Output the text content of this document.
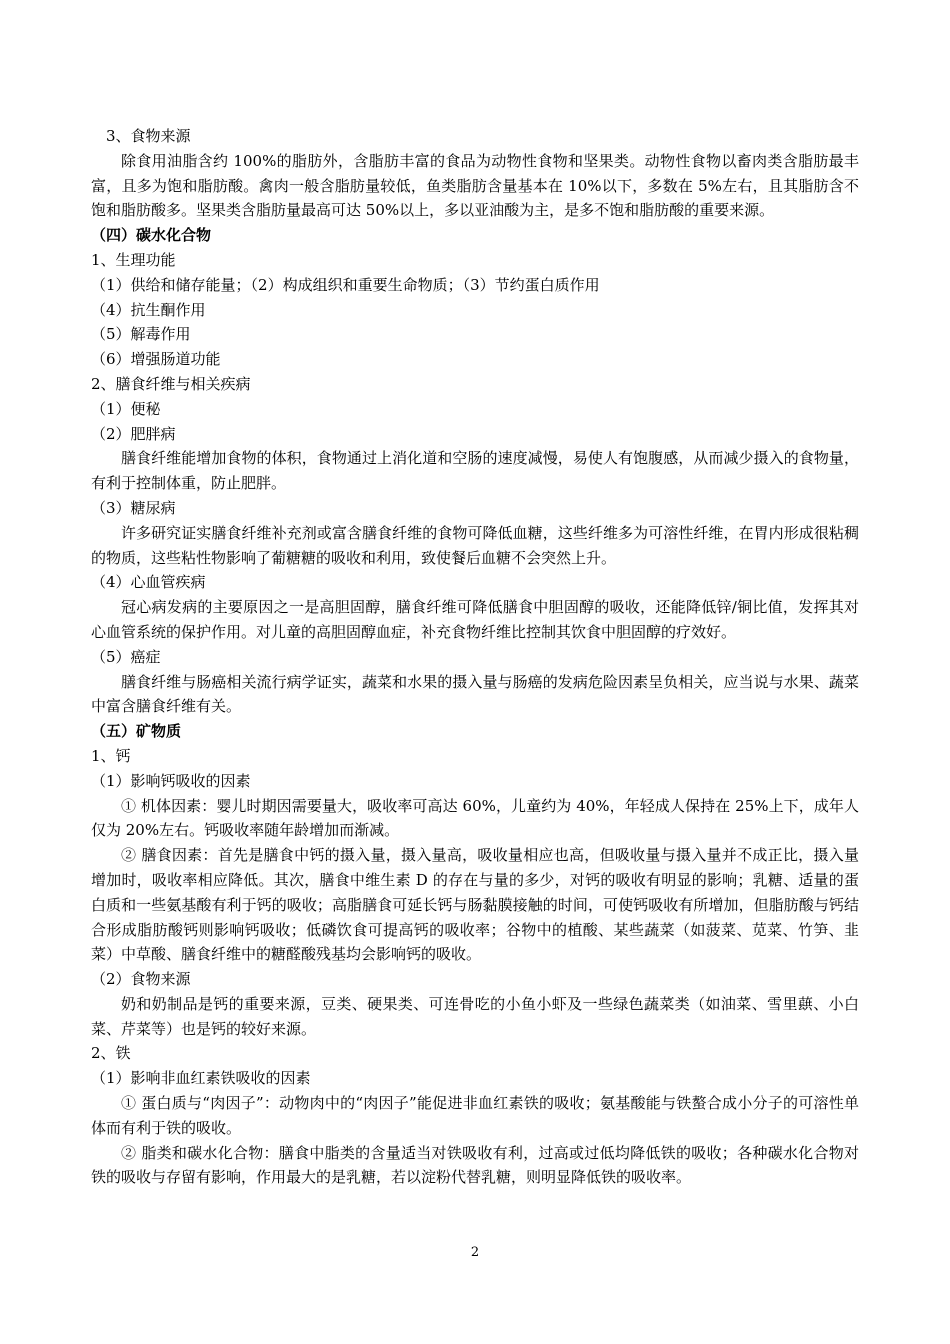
3、食物来源
除食用油脂含约 100%的脂肪外，含脂肪丰富的食品为动物性食物和坚果类。动物性食物以畜肉类含脂肪最丰富，且多为饱和脂肪酸。禽肉一般含脂肪量较低，鱼类脂肪含量基本在 10%以下，多数在 5%左右，且其脂肪含不饱和脂肪酸多。坚果类含脂肪量最高可达 50%以上，多以亚油酸为主，是多不饱和脂肪酸的重要来源。
（四）碳水化合物
1、生理功能
（1）供给和储存能量；（2）构成组织和重要生命物质；（3）节约蛋白质作用
（4）抗生酮作用
（5）解毒作用
（6）增强肠道功能
2、膳食纤维与相关疾病
（1）便秘
（2）肥胖病
膳食纤维能增加食物的体积，食物通过上消化道和空肠的速度减慢，易使人有饱腹感，从而减少摄入的食物量，有利于控制体重，防止肥胖。
（3）糖尿病
许多研究证实膳食纤维补充剂或富含膳食纤维的食物可降低血糖，这些纤维多为可溶性纤维，在胃内形成很粘稠的物质，这些粘性物影响了葡糖糖的吸收和利用，致使餐后血糖不会突然上升。
（4）心血管疾病
冠心病发病的主要原因之一是高胆固醇，膳食纤维可降低膳食中胆固醇的吸收，还能降低锌/铜比值，发挥其对心血管系统的保护作用。对儿童的高胆固醇血症，补充食物纤维比控制其饮食中胆固醇的疗效好。
（5）癌症
膳食纤维与肠癌相关流行病学证实，蔬菜和水果的摄入量与肠癌的发病危险因素呈负相关，应当说与水果、蔬菜中富含膳食纤维有关。
（五）矿物质
1、钙
（1）影响钙吸收的因素
① 机体因素：婴儿时期因需要量大，吸收率可高达 60%，儿童约为 40%，年轻成人保持在 25%上下，成年人仅为 20%左右。钙吸收率随年龄增加而渐减。
② 膳食因素：首先是膳食中钙的摄入量，摄入量高，吸收量相应也高，但吸收量与摄入量并不成正比，摄入量增加时，吸收率相应降低。其次，膳食中维生素 D 的存在与量的多少，对钙的吸收有明显的影响；乳糖、适量的蛋白质和一些氨基酸有利于钙的吸收；高脂膳食可延长钙与肠黏膜接触的时间，可使钙吸收有所增加，但脂肪酸与钙结合形成脂肪酸钙则影响钙吸收；低磷饮食可提高钙的吸收率；谷物中的植酸、某些蔬菜（如菠菜、苋菜、竹笋、韭菜）中草酸、膳食纤维中的糖醛酸残基均会影响钙的吸收。
（2）食物来源
奶和奶制品是钙的重要来源，豆类、硬果类、可连骨吃的小鱼小虾及一些绿色蔬菜类（如油菜、雪里蕻、小白菜、芹菜等）也是钙的较好来源。
2、铁
（1）影响非血红素铁吸收的因素
① 蛋白质与“肉因子”：动物肉中的“肉因子”能促进非血红素铁的吸收；氨基酸能与铁螯合成小分子的可溶性单体而有利于铁的吸收。
② 脂类和碳水化合物：膳食中脂类的含量适当对铁吸收有利，过高或过低均降低铁的吸收；各种碳水化合物对铁的吸收与存留有影响，作用最大的是乳糖，若以淀粉代替乳糖，则明显降低铁的吸收率。
2
